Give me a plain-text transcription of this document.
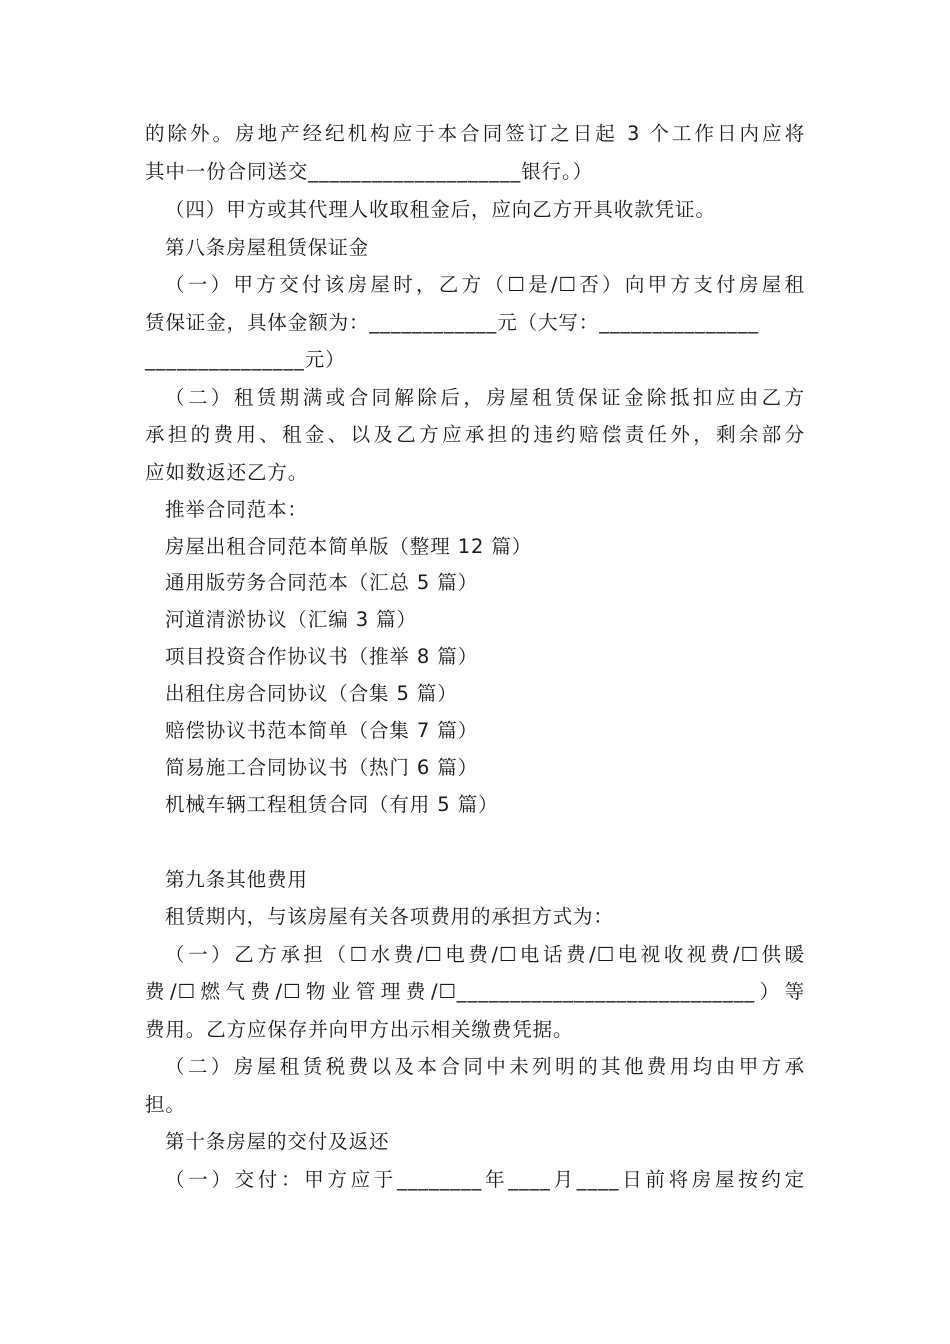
的除外。房地产经纪机构应于本合同签订之日起 3 个工作日内应将
其中一份合同送交____________________银行。）
（四）甲方或其代理人收取租金后，应向乙方开具收款凭证。
第八条房屋租赁保证金
（一）甲方交付该房屋时，乙方（☐是/☐否）向甲方支付房屋租
赁保证金，具体金额为：____________元（大写：_______________
_______________元）
（二）租赁期满或合同解除后，房屋租赁保证金除抵扣应由乙方
承担的费用、租金、以及乙方应承担的违约赔偿责任外，剩余部分
应如数返还乙方。
推举合同范本：
房屋出租合同范本简单版（整理 12 篇）
通用版劳务合同范本（汇总 5 篇）
河道清淤协议（汇编 3 篇）
项目投资合作协议书（推举 8 篇）
出租住房合同协议（合集 5 篇）
赔偿协议书范本简单（合集 7 篇）
简易施工合同协议书（热门 6 篇）
机械车辆工程租赁合同（有用 5 篇）
第九条其他费用
租赁期内，与该房屋有关各项费用的承担方式为：
（一）乙方承担（☐水费/☐电费/☐电话费/☐电视收视费/☐供暖
费/☐燃气费/☐物业管理费/☐____________________________）等
费用。乙方应保存并向甲方出示相关缴费凭据。
（二）房屋租赁税费以及本合同中未列明的其他费用均由甲方承
担。
第十条房屋的交付及返还
（一）交付：甲方应于________年____月____日前将房屋按约定
